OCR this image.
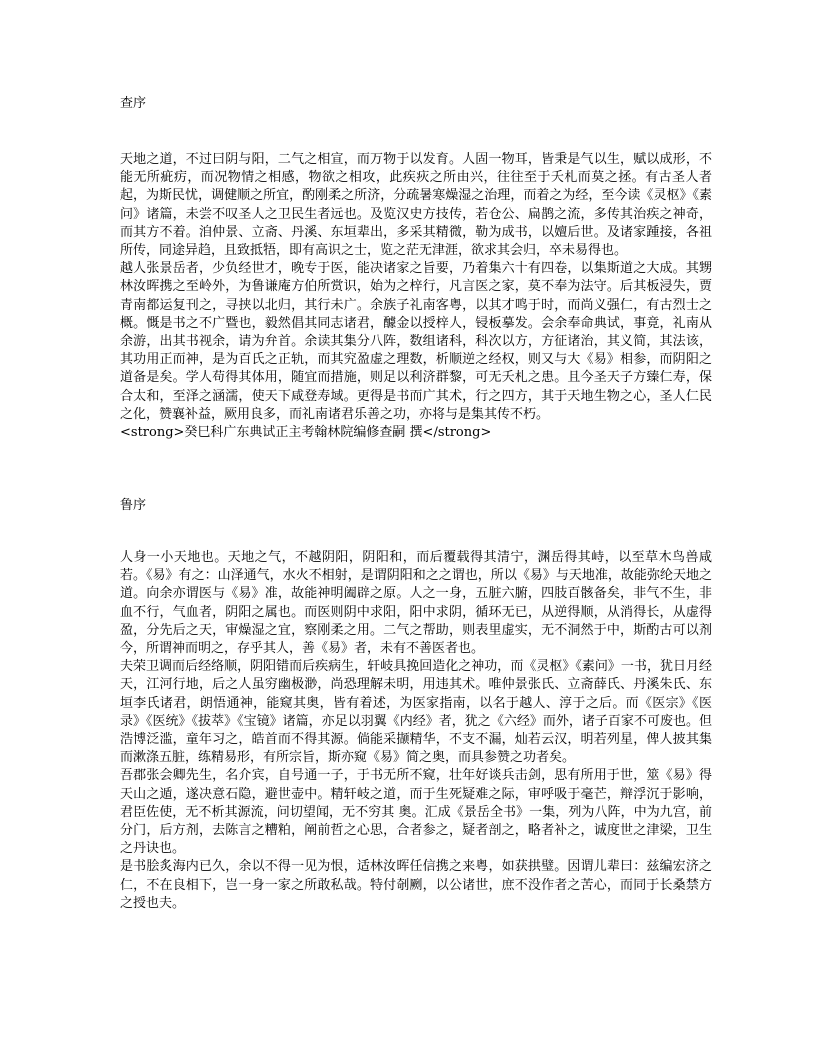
查序

天地之道，不过曰阴与阳，二气之相宣，而万物于以发育。人固一物耳，皆秉是气以生，赋以成形，不能无所疵疠，而况物情之相感，物欲之相攻，此疾疢之所由兴，往往至于夭札而莫之拯。有古圣人者起，为斯民忧，调健顺之所宜，酌刚柔之所济，分疏暑寒燥湿之治理，而着之为经，至今读《灵枢》《素问》诸篇，未尝不叹圣人之卫民生者远也。及览汉史方技传，若仓公、扁鹊之流，多传其治疾之神奇，而其方不着。洎仲景、立斋、丹溪、东垣辈出，多采其精微，勒为成书，以嬗后世。及诸家踵接，各祖所传，同途异趋，且致抵牾，即有高识之士，览之茫无津涯，欲求其会归，卒未易得也。

越人张景岳者，少负经世才，晚专于医，能决诸家之旨要，乃着集六十有四卷，以集斯道之大成。其甥林汝晖携之至岭外，为鲁谦庵方伯所赏识，始为之梓行，凡言医之家，莫不奉为法守。后其板浸失，贾青南都运复刊之，寻挟以北归，其行未广。余族子礼南客粤，以其才鸣于时，而尚义强仁，有古烈士之概。慨是书之不广暨也，毅然倡其同志诸君，醵金以授梓人，锓板摹发。会余奉命典试，事竟，礼南从余游，出其书视余，请为弁首。余读其集分八阵，数组诸科，科次以方，方征诸治，其义简，其法该，其功用正而神，是为百氏之正轨，而其究盈虚之理数，析顺逆之经权，则又与大《易》相参，而阴阳之道备是矣。学人苟得其体用，随宜而措施，则足以利济群黎，可无夭札之患。且今圣天子方臻仁寿，保合太和，至泽之涵濡，使天下咸登寿域。更得是书而广其术，行之四方，其于天地生物之心，圣人仁民之化，赞襄补益，厥用良多，而礼南诸君乐善之功，亦将与是集其传不朽。

<strong>癸巳科广东典试正主考翰林院编修查嗣 撰</strong>

鲁序

人身一小天地也。天地之气，不越阴阳，阴阳和，而后覆载得其清宁，渊岳得其峙，以至草木鸟兽咸若。《易》有之：山泽通气，水火不相射，是谓阴阳和之之谓也，所以《易》与天地准，故能弥纶天地之道。向余亦谓医与《易》准，故能神明阖辟之原。人之一身，五脏六腑，四肢百骸备矣，非气不生，非血不行，气血者，阴阳之属也。而医则阴中求阳，阳中求阴，循环无已，从逆得顺，从消得长，从虚得盈，分先后之天，审燥湿之宜，察刚柔之用。二气之帮助，则表里虚实，无不洞然于中，斯酌古可以剂今，所谓神而明之，存乎其人，善《易》者，未有不善医者也。

夫荣卫调而后经络顺，阴阳错而后疾病生，轩岐具挽回造化之神功，而《灵枢》《素问》一书，犹日月经天，江河行地，后之人虽穷幽极渺，尚恐理解未明，用违其术。唯仲景张氏、立斋薛氏、丹溪朱氏、东垣李氏诸君，朗悟通神，能窥其奥，皆有着述，为医家指南，以名于越人、淳于之后。而《医宗》《医录》《医统》《拔萃》《宝镜》诸篇，亦足以羽翼《内经》者，犹之《六经》而外，诸子百家不可废也。但浩博泛滥，童年习之，皓首而不得其源。倘能采撷精华，不支不漏，灿若云汉，明若列星，俾人披其集而漱涤五脏，练精易形，有所宗旨，斯亦窥《易》简之奥，而具参赞之功者矣。

吾郡张会卿先生，名介宾，自号通一子，于书无所不窥，壮年好谈兵击剑，思有所用于世，筮《易》得天山之遁，遂决意石隐，避世壶中。精轩岐之道，而于生死疑难之际，审呼吸于毫芒，辩浮沉于影响，君臣佐使，无不析其源流，问切望闻，无不穷其 奥。汇成《景岳全书》一集，列为八阵，中为九宫，前分门，后方剂，去陈言之糟粕，阐前哲之心思，合者参之，疑者剖之，略者补之，诚度世之津梁，卫生之丹诀也。

是书脍炙海内已久，余以不得一见为恨，适林汝晖任信携之来粤，如获拱璧。因谓儿辈曰：兹编宏济之仁，不在良相下，岂一身一家之所敢私哉。特付剞劂，以公诸世，庶不没作者之苦心，而同于长桑禁方之授也夫。
